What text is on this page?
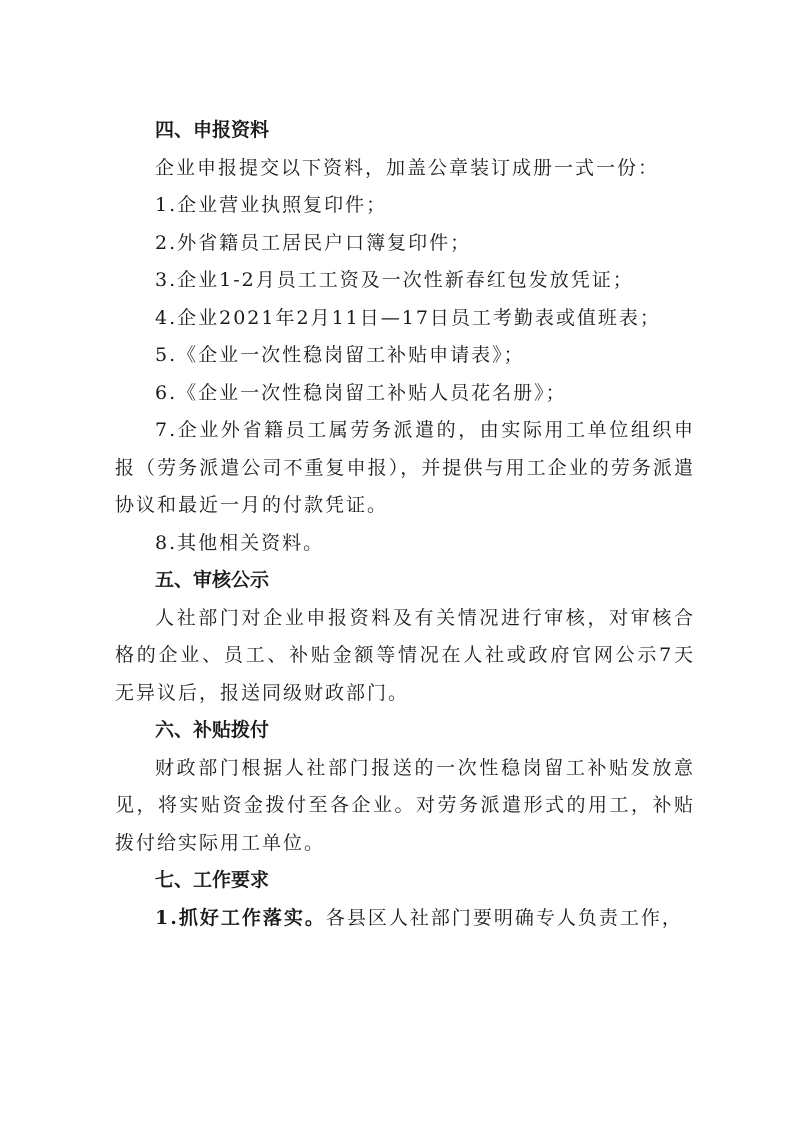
四、申报资料
企业申报提交以下资料，加盖公章装订成册一式一份：
1.企业营业执照复印件；
2.外省籍员工居民户口簿复印件；
3.企业1-2月员工工资及一次性新春红包发放凭证；
4.企业2021年2月11日—17日员工考勤表或值班表；
5.《企业一次性稳岗留工补贴申请表》；
6.《企业一次性稳岗留工补贴人员花名册》；
7.企业外省籍员工属劳务派遣的，由实际用工单位组织申报（劳务派遣公司不重复申报），并提供与用工企业的劳务派遣协议和最近一月的付款凭证。
8.其他相关资料。
五、审核公示
人社部门对企业申报资料及有关情况进行审核，对审核合格的企业、员工、补贴金额等情况在人社或政府官网公示7天无异议后，报送同级财政部门。
六、补贴拨付
财政部门根据人社部门报送的一次性稳岗留工补贴发放意见，将实贴资金拨付至各企业。对劳务派遣形式的用工，补贴拨付给实际用工单位。
七、工作要求
1.抓好工作落实。各县区人社部门要明确专人负责工作，
